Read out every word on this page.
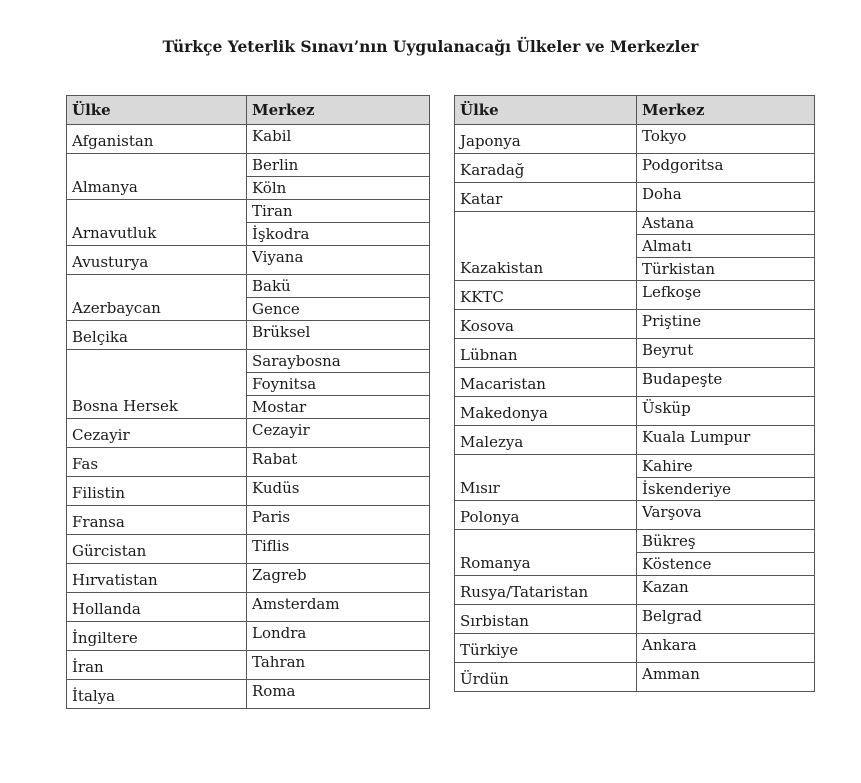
Türkçe Yeterlik Sınavı’nın Uygulanacağı Ülkeler ve Merkezler
Ülke	Merkez
Afganistan	Kabil
Almanya	Berlin
	Köln
Arnavutluk	Tiran
	İşkodra
Avusturya	Viyana
Azerbaycan	Bakü
	Gence
Belçika	Brüksel
Bosna Hersek	Saraybosna
	Foynitsa
	Mostar
Cezayir	Cezayir
Fas	Rabat
Filistin	Kudüs
Fransa	Paris
Gürcistan	Tiflis
Hırvatistan	Zagreb
Hollanda	Amsterdam
İngiltere	Londra
İran	Tahran
İtalya	Roma
Ülke	Merkez
Japonya	Tokyo
Karadağ	Podgoritsa
Katar	Doha
Kazakistan	Astana
	Almatı
	Türkistan
KKTC	Lefkoşe
Kosova	Priştine
Lübnan	Beyrut
Macaristan	Budapeşte
Makedonya	Üsküp
Malezya	Kuala Lumpur
Mısır	Kahire
	İskenderiye
Polonya	Varşova
Romanya	Bükreş
	Köstence
Rusya/Tataristan	Kazan
Sırbistan	Belgrad
Türkiye	Ankara
Ürdün	Amman
